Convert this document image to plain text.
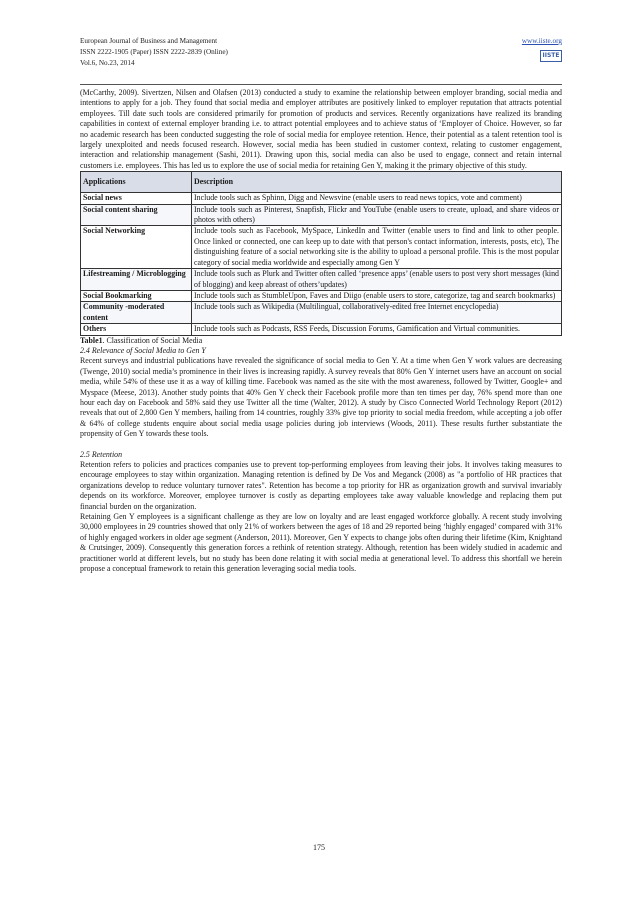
European Journal of Business and Management
ISSN 2222-1905 (Paper) ISSN 2222-2839 (Online)
Vol.6, No.23, 2014
www.iiste.org
IISTE

(McCarthy, 2009). Sivertzen, Nilsen and Olafsen (2013) conducted a study to examine the relationship between employer branding, social media and intentions to apply for a job. They found that social media and employer attributes are positively linked to employer reputation that attracts potential employees. Till date such tools are considered primarily for promotion of products and services. Recently organizations have realized its branding capabilities in context of external employer branding i.e. to attract potential employees and to achieve status of ‘Employer of Choice. However, so far no academic research has been conducted suggesting the role of social media for employee retention. Hence, their potential as a talent retention tool is largely unexploited and needs focused research. However, social media has been studied in customer context, relating to customer engagement, interaction and relationship management (Sashi, 2011). Drawing upon this, social media can also be used to engage, connect and retain internal customers i.e. employees. This has led us to explore the use of social media for retaining Gen Y, making it the primary objective of this study.

Applications	Description
Social news	Include tools such as Sphinn, Digg and Newsvine (enable users to read news topics, vote and comment)
Social content sharing	Include tools such as Pinterest, Snapfish, Flickr and YouTube (enable users to create, upload, and share videos or photos with others)
Social Networking	Include tools such as Facebook, MySpace, LinkedIn and Twitter (enable users to find and link to other people. Once linked or connected, one can keep up to date with that person's contact information, interests, posts, etc), The distinguishing feature of a social networking site is the ability to upload a personal profile. This is the most popular category of social media worldwide and especially among Gen Y
Lifestreaming / Microblogging	Include tools such as Plurk and Twitter often called ‘presence apps’ (enable users to post very short messages (kind of blogging) and keep abreast of others’updates)
Social Bookmarking	Include tools such as StumbleUpon, Faves and Diigo (enable users to store, categorize, tag and search bookmarks)
Community -moderated content	Include tools such as Wikipedia (Multilingual, collaboratively-edited free Internet encyclopedia)
Others	Include tools such as Podcasts, RSS Feeds, Discussion Forums, Gamification and Virtual communities.

Table1. Classification of Social Media

2.4 Relevance of Social Media to Gen Y

Recent surveys and industrial publications have revealed the significance of social media to Gen Y. At a time when Gen Y work values are decreasing (Twenge, 2010) social media’s prominence in their lives is increasing rapidly. A survey reveals that 80% Gen Y internet users have an account on social media, while 54% of these use it as a way of killing time. Facebook was named as the site with the most awareness, followed by Twitter, Google+ and Myspace (Meese, 2013). Another study points that 40% Gen Y check their Facebook profile more than ten times per day, 76% spend more than one hour each day on Facebook and 58% said they use Twitter all the time (Walter, 2012). A study by Cisco Connected World Technology Report (2012) reveals that out of 2,800 Gen Y members, hailing from 14 countries, roughly 33% give top priority to social media freedom, while accepting a job offer & 64% of college students enquire about social media usage policies during job interviews (Woods, 2011). These results further substantiate the propensity of Gen Y towards these tools.

2.5 Retention

Retention refers to policies and practices companies use to prevent top-performing employees from leaving their jobs. It involves taking measures to encourage employees to stay within organization. Managing retention is defined by De Vos and Meganck (2008) as "a portfolio of HR practices that organizations develop to reduce voluntary turnover rates". Retention has become a top priority for HR as organization growth and survival invariably depends on its workforce. Moreover, employee turnover is costly as departing employees take away valuable knowledge and replacing them put financial burden on the organization.

Retaining Gen Y employees is a significant challenge as they are low on loyalty and are least engaged workforce globally. A recent study involving 30,000 employees in 29 countries showed that only 21% of workers between the ages of 18 and 29 reported being ‘highly engaged’ compared with 31% of highly engaged workers in older age segment (Anderson, 2011). Moreover, Gen Y expects to change jobs often during their lifetime (Kim, Knightand & Crutsinger, 2009). Consequently this generation forces a rethink of retention strategy. Although, retention has been widely studied in academic and practitioner world at different levels, but no study has been done relating it with social media at generational level. To address this shortfall we herein propose a conceptual framework to retain this generation leveraging social media tools.

175
